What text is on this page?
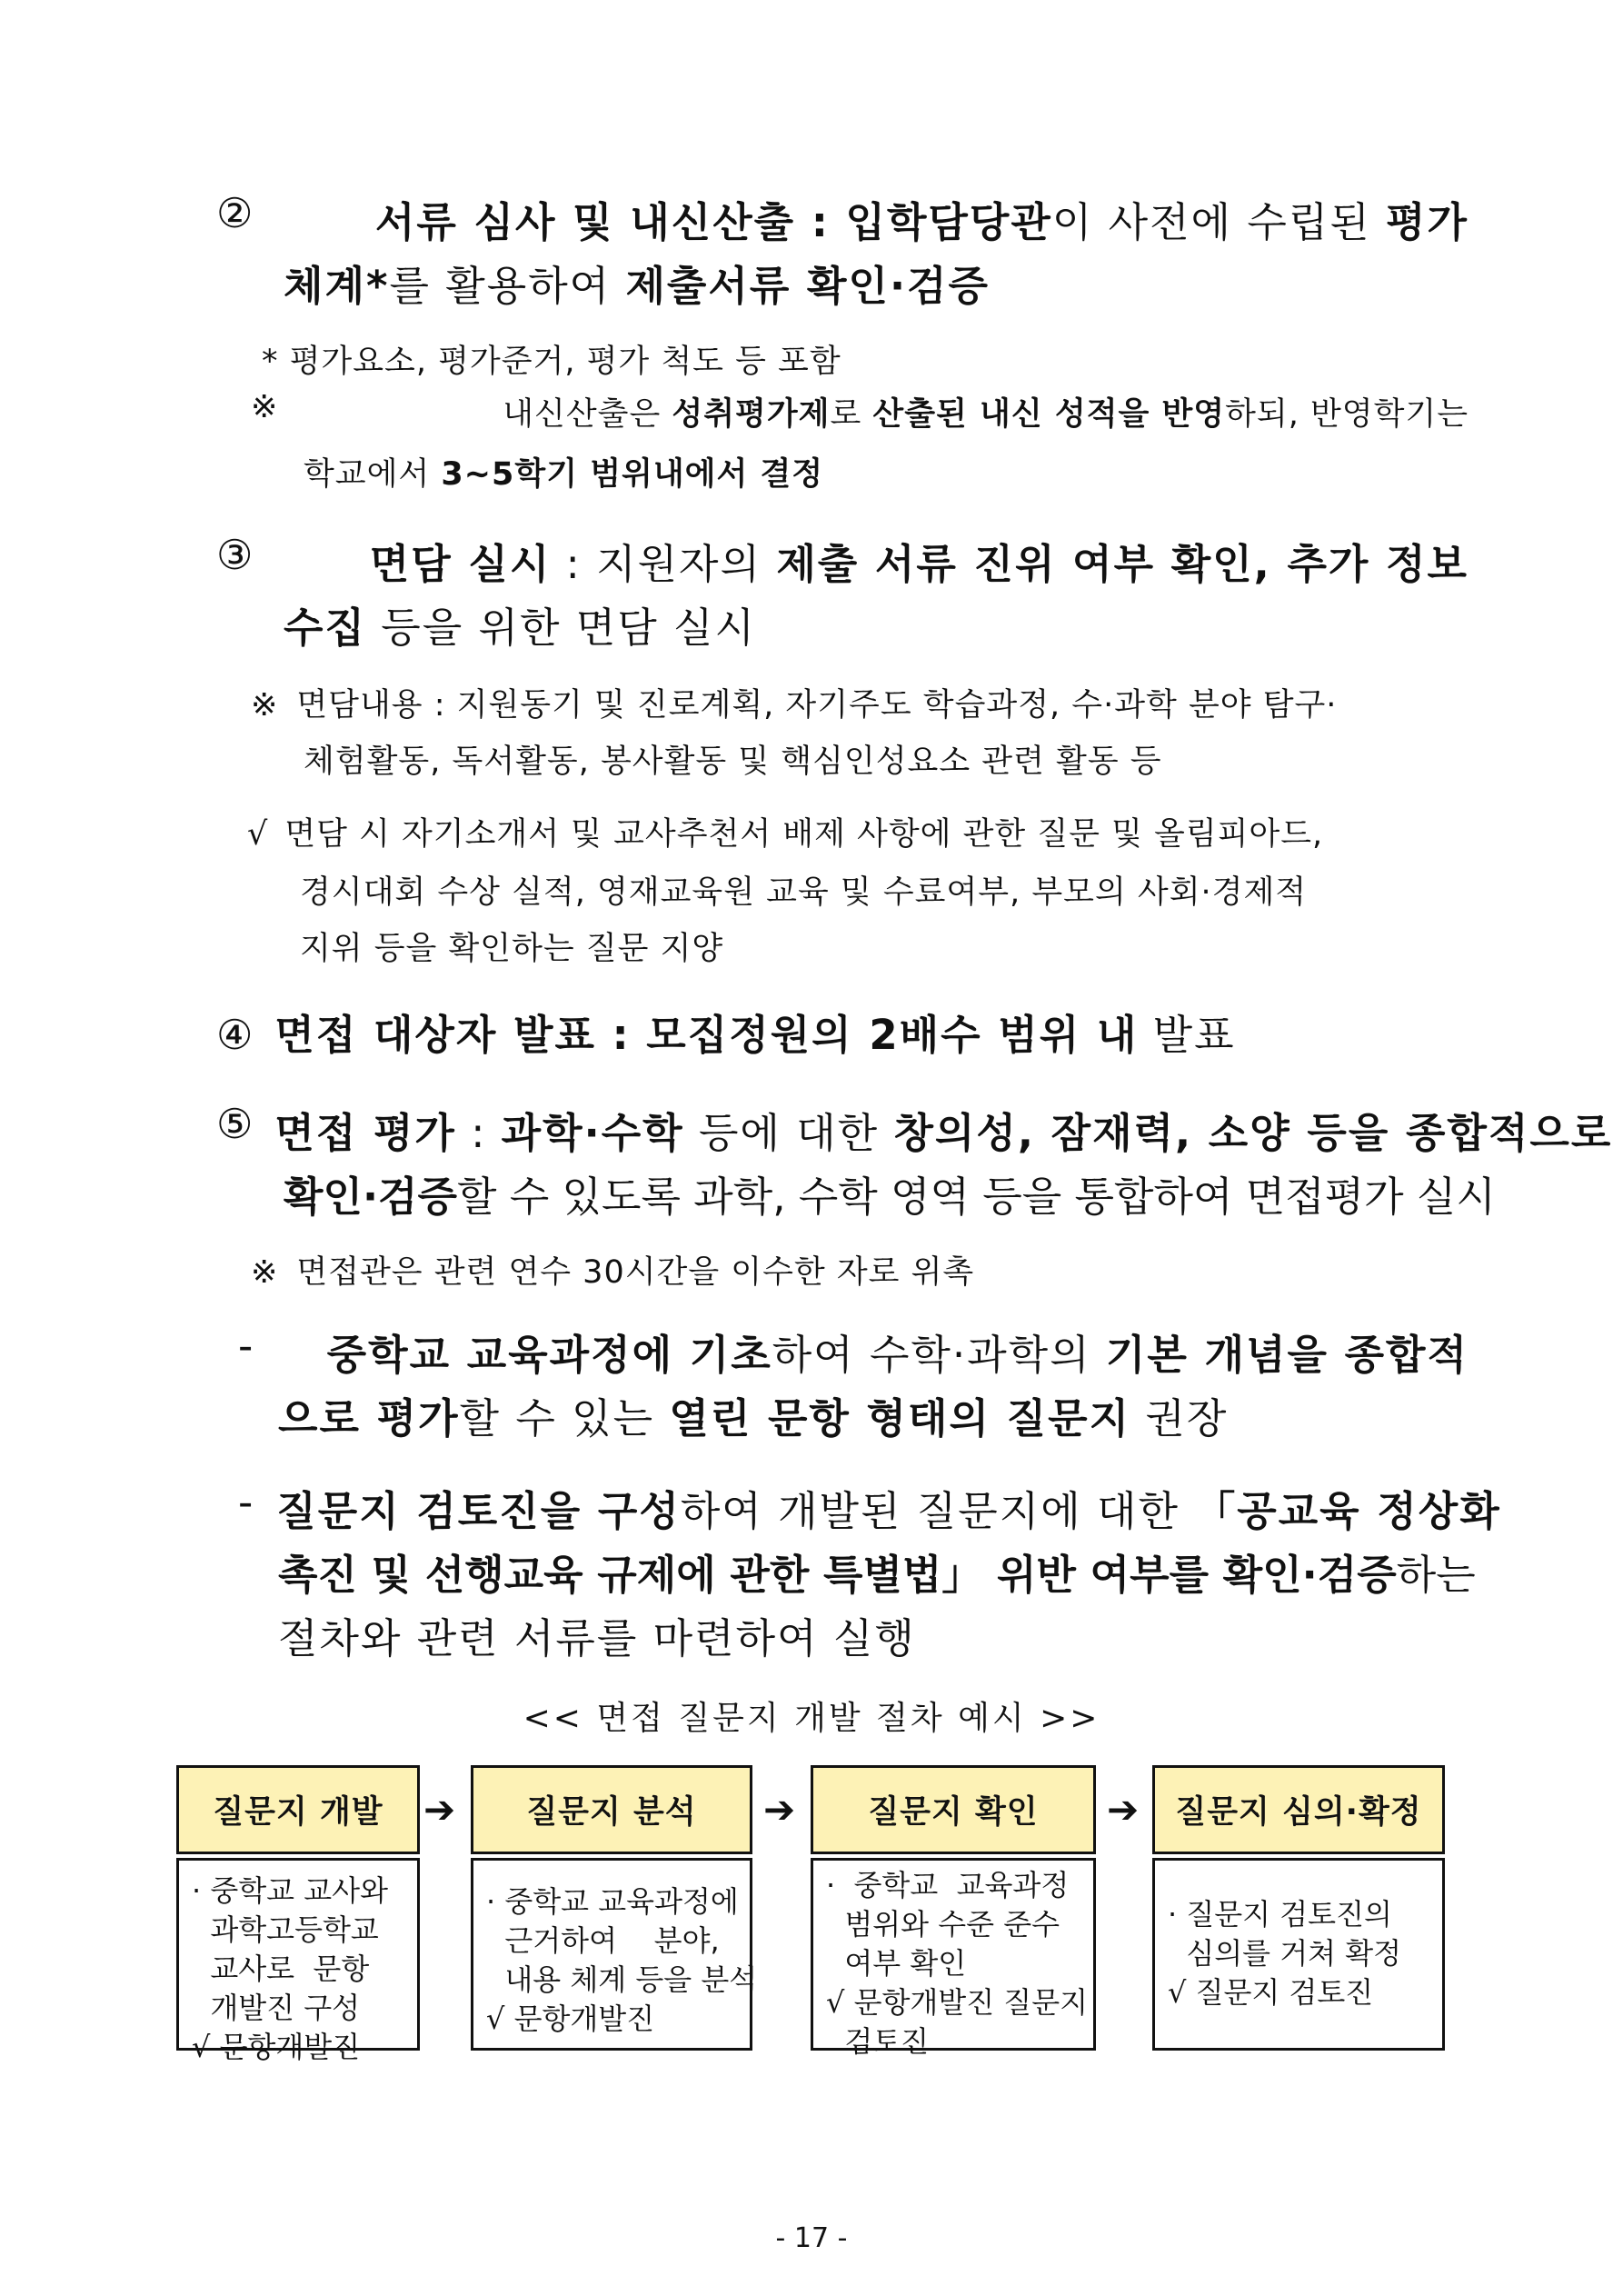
②	서류 심사 및 내신산출 : 입학담당관이 사전에 수립된 평가
체계*를 활용하여 제출서류 확인·검증
* 평가요소, 평가준거, 평가 척도 등 포함
※	내신산출은 성취평가제로 산출된 내신 성적을 반영하되, 반영학기는
학교에서 3∼5학기 범위내에서 결정
③	면담 실시 : 지원자의 제출 서류 진위 여부 확인, 추가 정보
수집 등을 위한 면담 실시
※ 면담내용 : 지원동기 및 진로계획, 자기주도 학습과정, 수·과학 분야 탐구·
체험활동, 독서활동, 봉사활동 및 핵심인성요소 관련 활동 등
√ 면담 시 자기소개서 및 교사추천서 배제 사항에 관한 질문 및 올림피아드,
경시대회 수상 실적, 영재교육원 교육 및 수료여부, 부모의 사회·경제적
지위 등을 확인하는 질문 지양
④ 면접 대상자 발표 : 모집정원의 2배수 범위 내 발표
⑤ 면접 평가 : 과학·수학 등에 대한 창의성, 잠재력, 소양 등을 종합적으로
확인·검증할 수 있도록 과학, 수학 영역 등을 통합하여 면접평가 실시
※ 면접관은 관련 연수 30시간을 이수한 자로 위촉
- 중학교 교육과정에 기초하여 수학·과학의 기본 개념을 종합적
으로 평가할 수 있는 열린 문항 형태의 질문지 권장
- 질문지 검토진을 구성하여 개발된 질문지에 대한 「공교육 정상화
촉진 및 선행교육 규제에 관한 특별법」 위반 여부를 확인·검증하는
절차와 관련 서류를 마련하여 실행
<< 면접 질문지 개발 절차 예시 >>
질문지 개발
· 중학교 교사와
과학고등학교
교사로  문항
개발진 구성
√ 문항개발진
➔	질문지 분석
· 중학교 교육과정에
근거하여    분야,
내용 체계 등을 분석
√ 문항개발진
➔	질문지 확인
·  중학교  교육과정
범위와 수준 준수
여부 확인
√ 문항개발진 질문지
검토진
➔	질문지 심의·확정
· 질문지 검토진의
심의를 거쳐 확정
√ 질문지 검토진
- 17 -
